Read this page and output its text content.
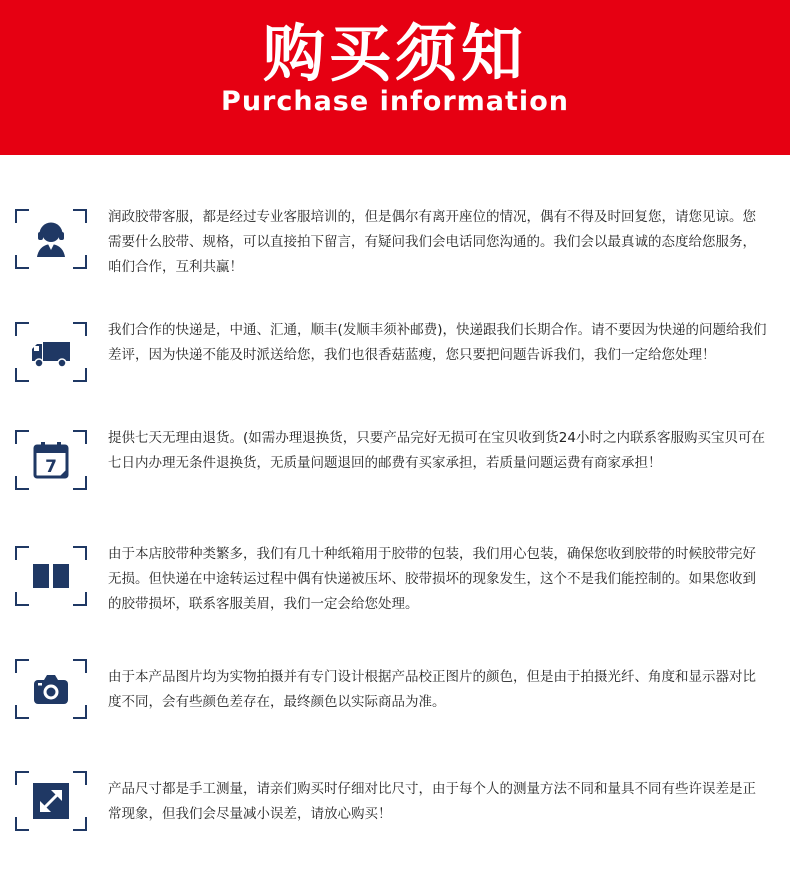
购买须知
Purchase information
润政胶带客服，都是经过专业客服培训的，但是偶尔有离开座位的情况，偶有不得及时回复您，请您见谅。您需要什么胶带、规格，可以直接拍下留言，有疑问我们会电话同您沟通的。我们会以最真诚的态度给您服务，咱们合作，互利共赢！
我们合作的快递是，中通、汇通，顺丰(发顺丰须补邮费)，快递跟我们长期合作。请不要因为快递的问题给我们差评，因为快递不能及时派送给您，我们也很香菇蓝瘦，您只要把问题告诉我们，我们一定给您处理！
7
提供七天无理由退货。(如需办理退换货，只要产品完好无损可在宝贝收到货24小时之内联系客服购买宝贝可在七日内办理无条件退换货，无质量问题退回的邮费有买家承担，若质量问题运费有商家承担！
由于本店胶带种类繁多，我们有几十种纸箱用于胶带的包装，我们用心包装，确保您收到胶带的时候胶带完好无损。但快递在中途转运过程中偶有快递被压坏、胶带损坏的现象发生，这个不是我们能控制的。如果您收到的胶带损坏，联系客服美眉，我们一定会给您处理。
由于本产品图片均为实物拍摄并有专门设计根据产品校正图片的颜色，但是由于拍摄光纤、角度和显示器对比度不同，会有些颜色差存在，最终颜色以实际商品为准。
产品尺寸都是手工测量，请亲们购买时仔细对比尺寸，由于每个人的测量方法不同和量具不同有些许误差是正常现象，但我们会尽量减小误差，请放心购买！
